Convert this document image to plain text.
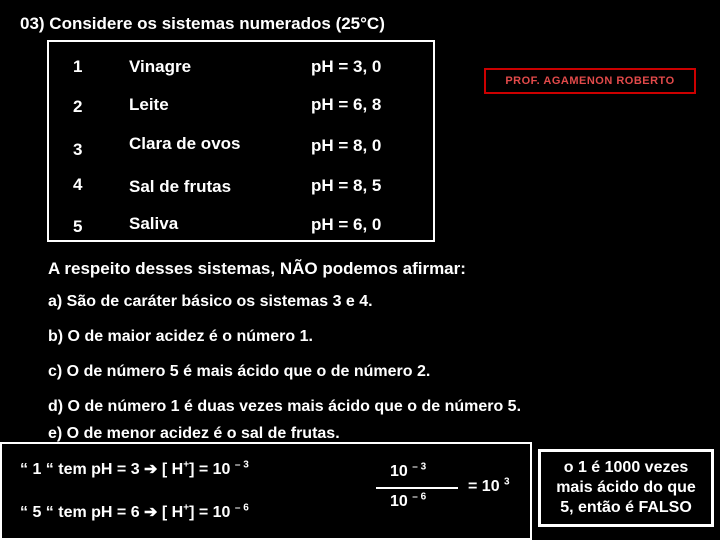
03) Considere os sistemas numerados (25°C)
1	Vinagre	pH = 3, 0
2	Leite	pH = 6, 8
3	Clara de ovos	pH = 8, 0
4	Sal de frutas	pH = 8, 5
5	Saliva	pH = 6, 0
PROF. AGAMENON ROBERTO
A respeito desses sistemas, NÃO podemos afirmar:
a) São de caráter básico os sistemas 3 e 4.
b) O de maior acidez é o número 1.
c) O de número 5 é mais ácido que o de número 2.
d) O de número 1 é duas vezes mais ácido que o de número 5.
e) O de menor acidez é o sal de frutas.
“ 1 “ tem pH = 3 ➔ [ H+] = 10 $^{- 3}$
“ 5 “ tem pH = 6 ➔ [ H+] = 10 $^{- 6}$
10 $^{- 3}$
10 $^{- 6}$
= 10 $^3$
o 1 é 1000 vezes
mais ácido do que
5, então é FALSO
